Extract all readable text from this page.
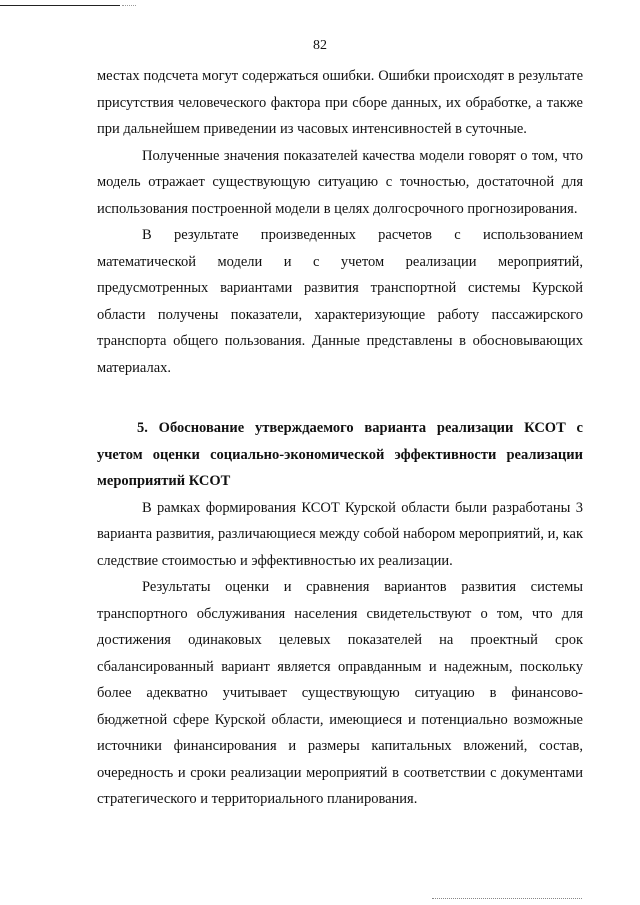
82

местах подсчета могут содержаться ошибки. Ошибки происходят в результате присутствия человеческого фактора при сборе данных, их обработке, а также при дальнейшем приведении из часовых интенсивностей в суточные.

Полученные значения показателей качества модели говорят о том, что модель отражает существующую ситуацию с точностью, достаточной для использования построенной модели в целях долгосрочного прогнозирования.

В результате произведенных расчетов с использованием математической модели и с учетом реализации мероприятий, предусмотренных вариантами развития транспортной системы Курской области получены показатели, характеризующие работу пассажирского транспорта общего пользования. Данные представлены в обосновывающих материалах.

5. Обоснование утверждаемого варианта реализации КСОТ с учетом оценки социально-экономической эффективности реализации мероприятий КСОТ

В рамках формирования КСОТ Курской области были разработаны 3 варианта развития, различающиеся между собой набором мероприятий, и, как следствие стоимостью и эффективностью их реализации.

Результаты оценки и сравнения вариантов развития системы транспортного обслуживания населения свидетельствуют о том, что для достижения одинаковых целевых показателей на проектный срок сбалансированный вариант является оправданным и надежным, поскольку более адекватно учитывает существующую ситуацию в финансово-бюджетной сфере Курской области, имеющиеся и потенциально возможные источники финансирования и размеры капитальных вложений, состав, очередность и сроки реализации мероприятий в соответствии с документами стратегического и территориального планирования.
